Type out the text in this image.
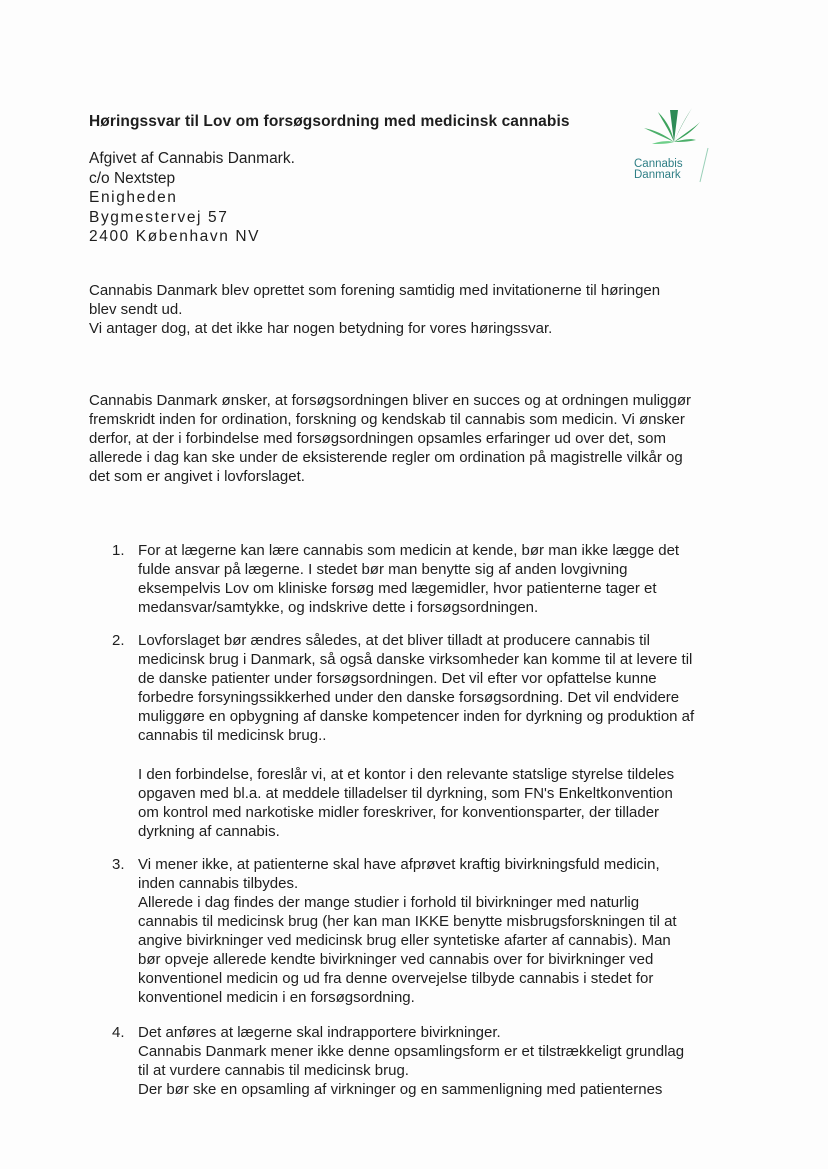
Høringssvar til Lov om forsøgsordning med medicinsk cannabis
Cannabis
Danmark
Afgivet af Cannabis Danmark.
c/o Nextstep
Enigheden
Bygmestervej 57
2400 København NV
Cannabis Danmark blev oprettet som forening samtidig med invitationerne til høringen
blev sendt ud.
Vi antager dog, at det ikke har nogen betydning for vores høringssvar.
Cannabis Danmark ønsker, at forsøgsordningen bliver en succes og at ordningen muliggør
fremskridt inden for ordination, forskning og kendskab til cannabis som medicin. Vi ønsker
derfor, at der i forbindelse med forsøgsordningen opsamles erfaringer ud over det, som
allerede i dag kan ske under de eksisterende regler om ordination på magistrelle vilkår og
det som er angivet i lovforslaget.
1. For at lægerne kan lære cannabis som medicin at kende, bør man ikke lægge det
fulde ansvar på lægerne. I stedet bør man benytte sig af anden lovgivning
eksempelvis Lov om kliniske forsøg med lægemidler, hvor patienterne tager et
medansvar/samtykke, og indskrive dette i forsøgsordningen.
2. Lovforslaget bør ændres således, at det bliver tilladt at producere cannabis til
medicinsk brug i Danmark, så også danske virksomheder kan komme til at levere til
de danske patienter under forsøgsordningen. Det vil efter vor opfattelse kunne
forbedre forsyningssikkerhed under den danske forsøgsordning. Det vil endvidere
muliggøre en opbygning af danske kompetencer inden for dyrkning og produktion af
cannabis til medicinsk brug..
I den forbindelse, foreslår vi, at et kontor i den relevante statslige styrelse tildeles
opgaven med bl.a. at meddele tilladelser til dyrkning, som FN's Enkeltkonvention
om kontrol med narkotiske midler foreskriver, for konventionsparter, der tillader
dyrkning af cannabis.
3. Vi mener ikke, at patienterne skal have afprøvet kraftig bivirkningsfuld medicin,
inden cannabis tilbydes.
Allerede i dag findes der mange studier i forhold til bivirkninger med naturlig
cannabis til medicinsk brug (her kan man IKKE benytte misbrugsforskningen til at
angive bivirkninger ved medicinsk brug eller syntetiske afarter af cannabis). Man
bør opveje allerede kendte bivirkninger ved cannabis over for bivirkninger ved
konventionel medicin og ud fra denne overvejelse tilbyde cannabis i stedet for
konventionel medicin i en forsøgsordning.
4. Det anføres at lægerne skal indrapportere bivirkninger.
Cannabis Danmark mener ikke denne opsamlingsform er et tilstrækkeligt grundlag
til at vurdere cannabis til medicinsk brug.
Der bør ske en opsamling af virkninger og en sammenligning med patienternes
